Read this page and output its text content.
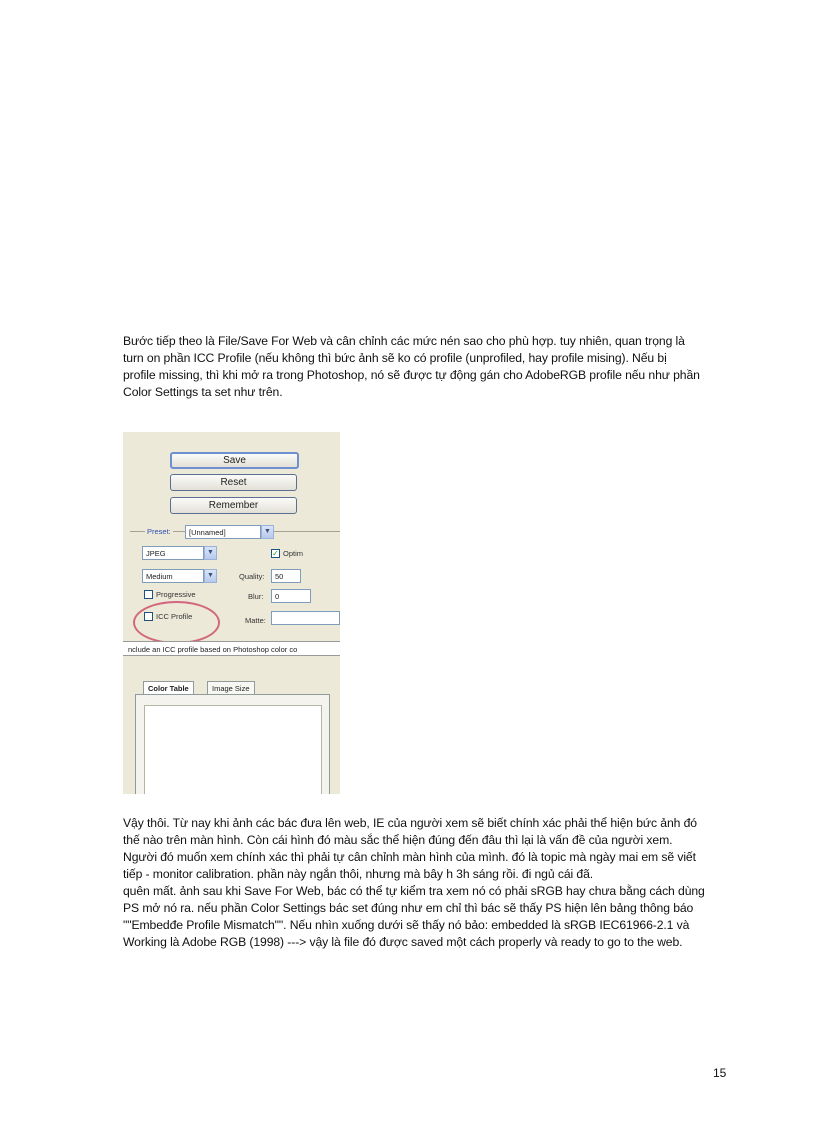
Bước tiếp theo là File/Save For Web và cân chỉnh các mức nén sao cho phù hợp. tuy nhiên, quan trọng là
turn on phần ICC Profile (nếu không thì bức ảnh sẽ ko có profile (unprofiled, hay profile mising). Nếu bị
profile missing, thì khi mở ra trong Photoshop, nó sẽ được tự động gán cho AdobeRGB profile nếu như phần
Color Settings ta set như trên.
Save
Reset
Remember
Preset:	[Unnamed]	▼
JPEG	▼	✓ Optim
Medium	▼	Quality:	50
Progressive	Blur:	0
ICC Profile	Matte:
nclude an ICC profile based on Photoshop color co
Color Table	Image Size
Vậy thôi. Từ nay khi ảnh các bác đưa lên web, IE của người xem sẽ biết chính xác phải thể hiện bức ảnh đó
thế nào trên màn hình. Còn cái hình đó màu sắc thể hiện đúng đến đâu thì lại là vấn đề của người xem.
Người đó muốn xem chính xác thì phải tự cân chỉnh màn hình của mình. đó là topic mà ngày mai em sẽ viết
tiếp - monitor calibration. phần này ngắn thôi, nhưng mà bây h 3h sáng rồi. đi ngủ cái đã.
quên mất. ảnh sau khi Save For Web, bác có thể tự kiểm tra xem nó có phải sRGB hay chưa bằng cách dùng
PS mở nó ra. nếu phần Color Settings bác set đúng như em chỉ thì bác sẽ thấy PS hiện lên bảng thông báo
""Embedđe Profile Mismatch"". Nếu nhìn xuống dưới sẽ thấy nó bảo: embedded là sRGB IEC61966-2.1 và
Working là Adobe RGB (1998) ---> vậy là file đó được saved một cách properly và ready to go to the web.
15
